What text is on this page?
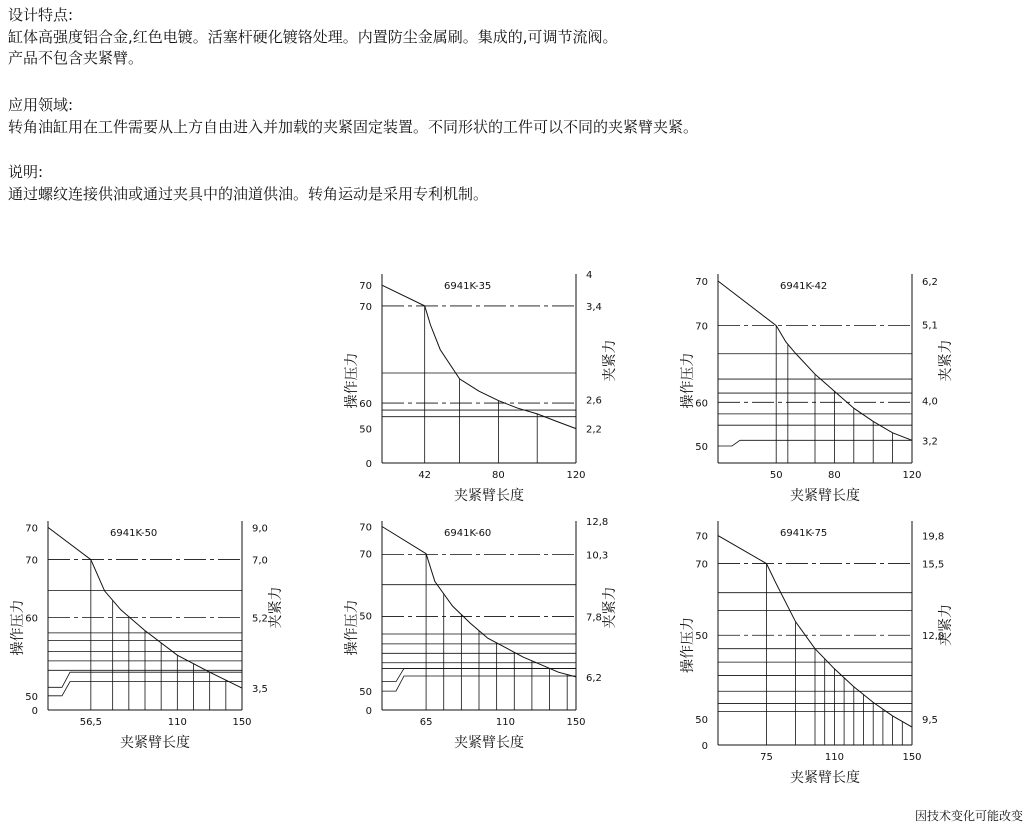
设计特点:

缸体高强度铝合金,红色电镀。活塞杆硬化镀铬处理。内置防尘金属刷。集成的,可调节流阀。

产品不包含夹紧臂。

应用领域:

转角油缸用在工件需要从上方自由进入并加载的夹紧固定装置。不同形状的工件可以不同的夹紧臂夹紧。

说明:

通过螺纹连接供油或通过夹具中的油道供油。转角运动是采用专利机制。

0
50
60
70
70
2,2
2,6
3,4
4
42	80	120
6941K-35
夹紧臂长度
操作压力	夹紧力
50
60
70
70
3,2
4,0
5,1
6,2
50	80	120
6941K-42
夹紧臂长度
操作压力	夹紧力
0
50
60
70
70
3,5
5,2
7,0
9,0
56,5	110	150
6941K-50
夹紧臂长度
操作压力	夹紧力
0
50
50
70
70
6,2
7,8
10,3
12,8
65	110	150
6941K-60
夹紧臂长度
操作压力	夹紧力
0
50
50
70
70
9,5
12,0
15,5
19,8
75	110	150
6941K-75
夹紧臂长度
操作压力	夹紧力
因技术变化可能改变
